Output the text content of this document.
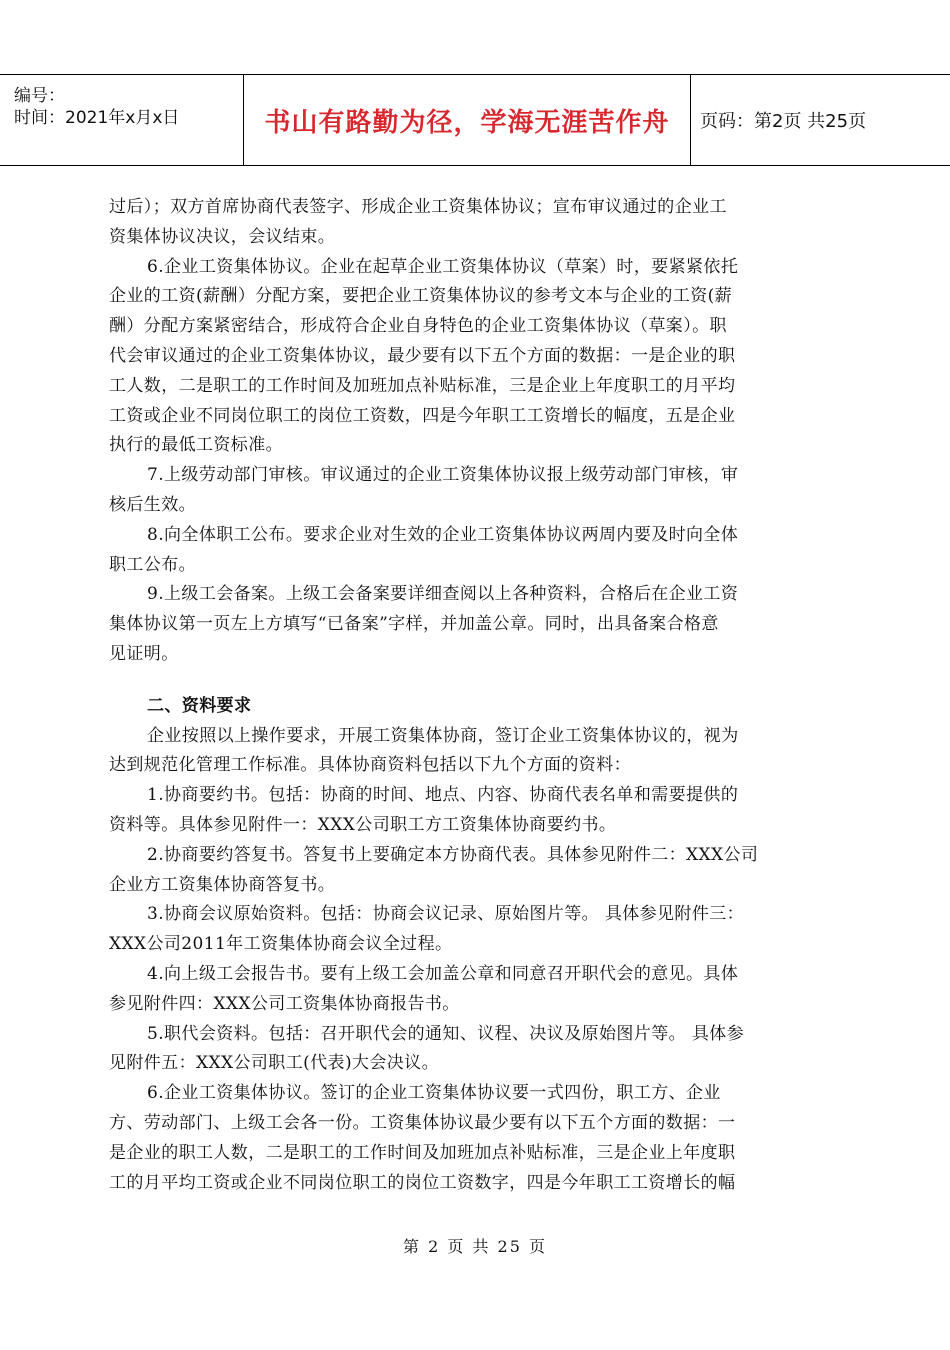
编号：
时间：2021年x月x日	书山有路勤为径，学海无涯苦作舟	页码：第2页 共25页
过后）；双方首席协商代表签字、形成企业工资集体协议；宣布审议通过的企业工
资集体协议决议，会议结束。
6.企业工资集体协议。企业在起草企业工资集体协议（草案）时，要紧紧依托
企业的工资(薪酬）分配方案，要把企业工资集体协议的参考文本与企业的工资(薪
酬）分配方案紧密结合，形成符合企业自身特色的企业工资集体协议（草案）。职
代会审议通过的企业工资集体协议，最少要有以下五个方面的数据：一是企业的职
工人数，二是职工的工作时间及加班加点补贴标准，三是企业上年度职工的月平均
工资或企业不同岗位职工的岗位工资数，四是今年职工工资增长的幅度，五是企业
执行的最低工资标准。
7.上级劳动部门审核。审议通过的企业工资集体协议报上级劳动部门审核，审
核后生效。
8.向全体职工公布。要求企业对生效的企业工资集体协议两周内要及时向全体
职工公布。
9.上级工会备案。上级工会备案要详细查阅以上各种资料，合格后在企业工资
集体协议第一页左上方填写“已备案”字样，并加盖公章。同时，出具备案合格意
见证明。
二、资料要求
企业按照以上操作要求，开展工资集体协商，签订企业工资集体协议的，视为
达到规范化管理工作标准。具体协商资料包括以下九个方面的资料：
1.协商要约书。包括：协商的时间、地点、内容、协商代表名单和需要提供的
资料等。具体参见附件一：XXX公司职工方工资集体协商要约书。
2.协商要约答复书。答复书上要确定本方协商代表。具体参见附件二：XXX公司
企业方工资集体协商答复书。
3.协商会议原始资料。包括：协商会议记录、原始图片等。 具体参见附件三：
XXX公司2011年工资集体协商会议全过程。
4.向上级工会报告书。要有上级工会加盖公章和同意召开职代会的意见。具体
参见附件四：XXX公司工资集体协商报告书。
5.职代会资料。包括：召开职代会的通知、议程、决议及原始图片等。 具体参
见附件五：XXX公司职工(代表)大会决议。
6.企业工资集体协议。签订的企业工资集体协议要一式四份，职工方、企业
方、劳动部门、上级工会各一份。工资集体协议最少要有以下五个方面的数据：一
是企业的职工人数，二是职工的工作时间及加班加点补贴标准，三是企业上年度职
工的月平均工资或企业不同岗位职工的岗位工资数字，四是今年职工工资增长的幅
第 2 页 共 25 页
